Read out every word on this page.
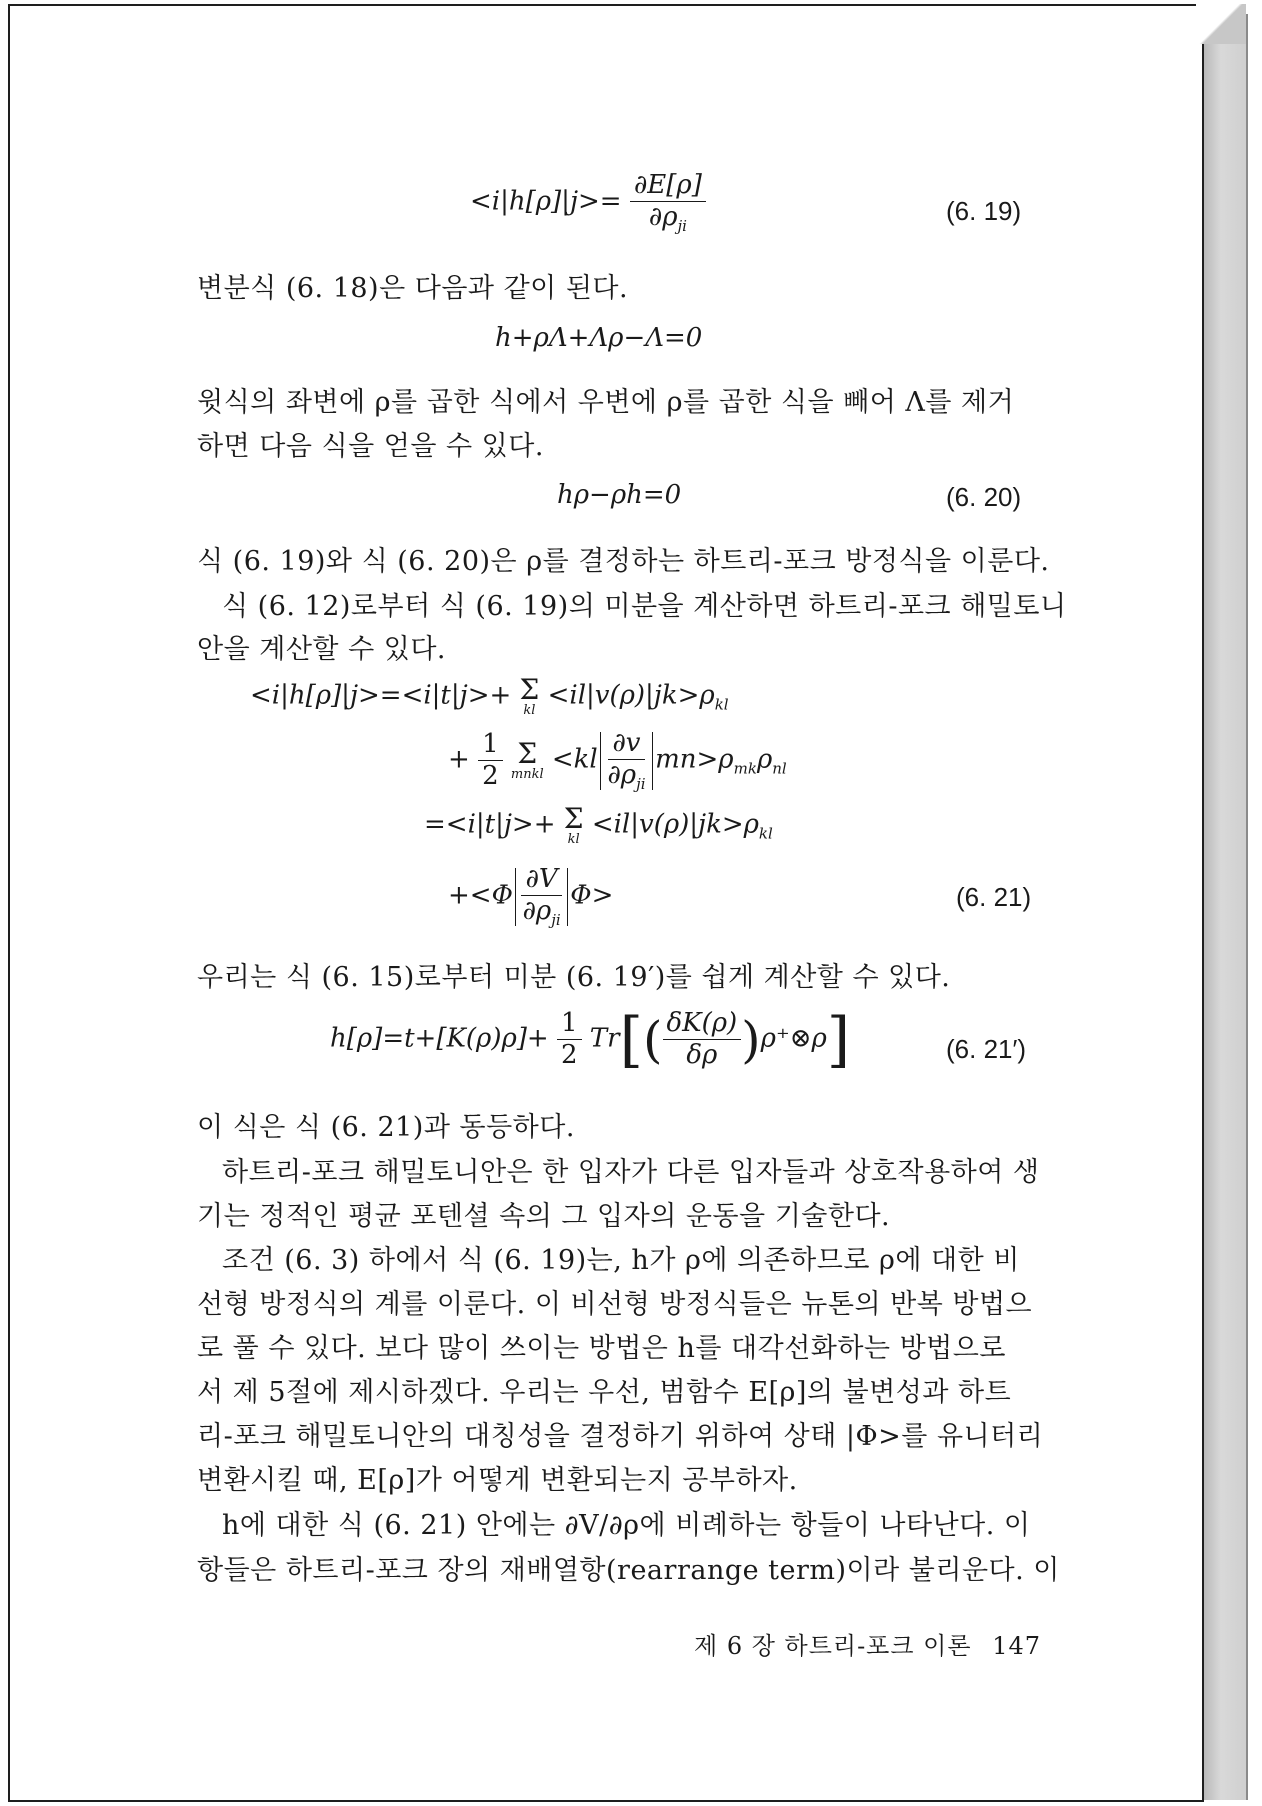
$<i|h[\rho]|j>= \frac{\partial E[\rho]}{\partial\rho_{ji}}$	(6. 19)
변분식 (6. 18)은 다음과 같이 된다.
h+ρΛ+Λρ−Λ=0
윗식의 좌변에 ρ를 곱한 식에서 우변에 ρ를 곱한 식을 빼어 Λ를 제거
하면 다음 식을 얻을 수 있다.
hρ−ρh=0	(6. 20)
식 (6. 19)와 식 (6. 20)은 ρ를 결정하는 하트리-포크 방정식을 이룬다.
식 (6. 12)로부터 식 (6. 19)의 미분을 계산하면 하트리-포크 해밀토니
안을 계산할 수 있다.
<i|h[ρ]|j>=<i|t|j>+ Σ
kl $<il|v(\rho)|jk>\rho_{kl}$
+ $\frac{1}{2}$
Σ
mnkl $<kl \frac{\partial v}{\partial\rho_{ji}} mn>\rho_{mk}\rho_{nl}$
=<i|t|j>+ Σ
kl $<il|v(\rho)|jk>\rho_{kl}$
$+<\Phi \frac{\partial V}{\partial\rho_{ji}} \Phi>$	(6. 21)
우리는 식 (6. 15)로부터 미분 (6. 19′)를 쉽게 계산할 수 있다.
$h[\rho]=t+[K(\rho)\rho]+ \frac{1}{2} Tr[( \frac{\delta K(\rho)}{\delta\rho}$ )ρ⁺⊗ρ]	(6. 21′)
이 식은 식 (6. 21)과 동등하다.
하트리-포크 해밀토니안은 한 입자가 다른 입자들과 상호작용하여 생
기는 정적인 평균 포텐셜 속의 그 입자의 운동을 기술한다.
조건 (6. 3) 하에서 식 (6. 19)는, h가 ρ에 의존하므로 ρ에 대한 비
선형 방정식의 계를 이룬다. 이 비선형 방정식들은 뉴톤의 반복 방법으
로 풀 수 있다. 보다 많이 쓰이는 방법은 h를 대각선화하는 방법으로
서 제 5절에 제시하겠다. 우리는 우선, 범함수 E[ρ]의 불변성과 하트
리-포크 해밀토니안의 대칭성을 결정하기 위하여 상태 |Φ>를 유니터리
변환시킬 때, E[ρ]가 어떻게 변환되는지 공부하자.
h에 대한 식 (6. 21) 안에는 ∂V/∂ρ에 비례하는 항들이 나타난다. 이
항들은 하트리-포크 장의 재배열항(rearrange term)이라 불리운다. 이
제 6 장 하트리-포크 이론 147
